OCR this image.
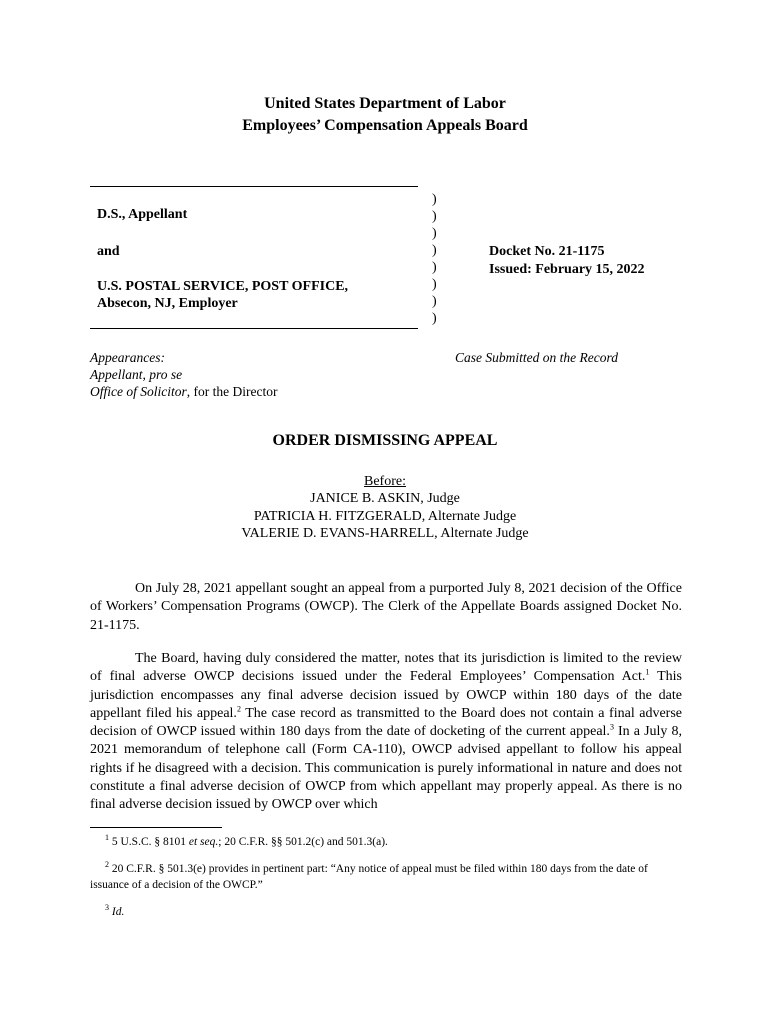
United States Department of Labor
Employees’ Compensation Appeals Board
D.S., Appellant
and
U.S. POSTAL SERVICE, POST OFFICE,
Absecon, NJ, Employer
)
)
)
)
)
)
)
)
Docket No. 21-1175
Issued: February 15, 2022
Appearances:
Appellant, pro se
Office of Solicitor, for the Director
Case Submitted on the Record
ORDER DISMISSING APPEAL
Before:
JANICE B. ASKIN, Judge
PATRICIA H. FITZGERALD, Alternate Judge
VALERIE D. EVANS-HARRELL, Alternate Judge

On July 28, 2021 appellant sought an appeal from a purported July 8, 2021 decision of the Office of Workers’ Compensation Programs (OWCP). The Clerk of the Appellate Boards assigned Docket No. 21-1175.

The Board, having duly considered the matter, notes that its jurisdiction is limited to the review of final adverse OWCP decisions issued under the Federal Employees’ Compensation Act.$^1$ This jurisdiction encompasses any final adverse decision issued by OWCP within 180 days of the date appellant filed his appeal.$^2$ The case record as transmitted to the Board does not contain a final adverse decision of OWCP issued within 180 days from the date of docketing of the current appeal.$^3$ In a July 8, 2021 memorandum of telephone call (Form CA-110), OWCP advised appellant to follow his appeal rights if he disagreed with a decision. This communication is purely informational in nature and does not constitute a final adverse decision of OWCP from which appellant may properly appeal. As there is no final adverse decision issued by OWCP over which

$^1$ 5 U.S.C. § 8101 et seq.; 20 C.F.R. §§ 501.2(c) and 501.3(a).
$^2$ 20 C.F.R. § 501.3(e) provides in pertinent part: “Any notice of appeal must be filed within 180 days from the date of issuance of a decision of the OWCP.”
$^3$ Id.
